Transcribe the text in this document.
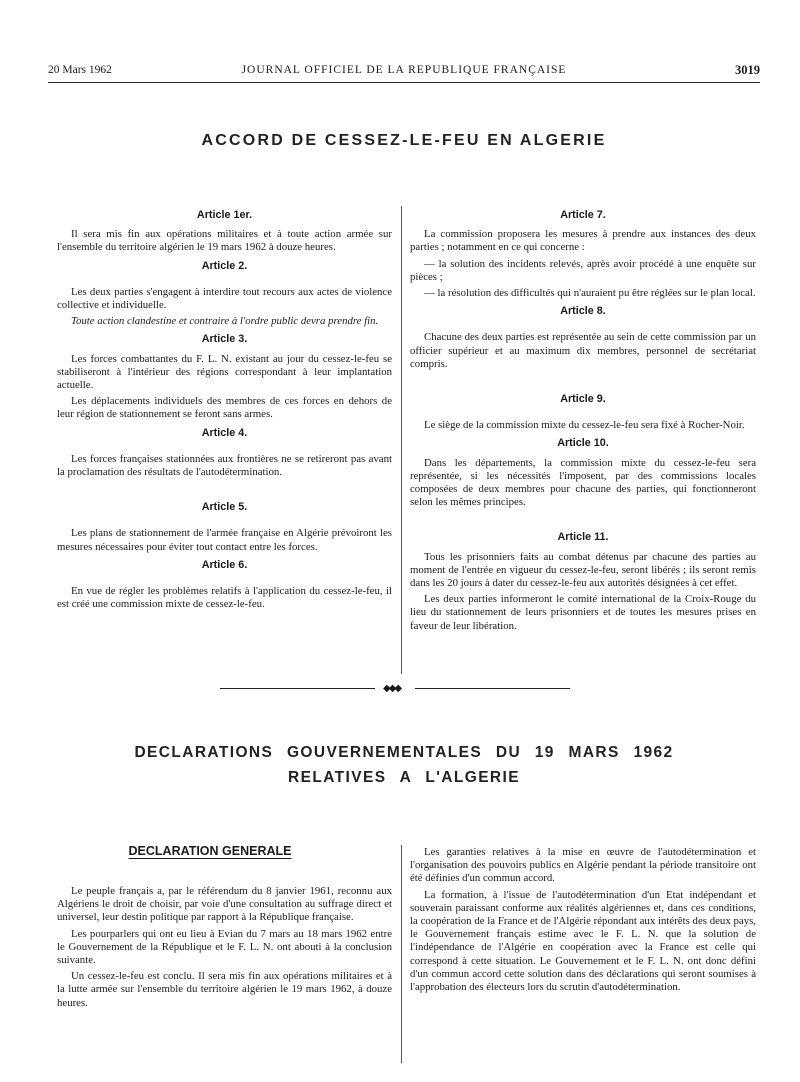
20 Mars 1962	JOURNAL OFFICIEL DE LA REPUBLIQUE FRANÇAISE	3019
ACCORD DE CESSEZ-LE-FEU EN ALGERIE
Article 1er.

Il sera mis fin aux opérations militaires et à toute action armée sur l'ensemble du territoire algérien le 19 mars 1962 à douze heures.

Article 2.

Les deux parties s'engagent à interdire tout recours aux actes de violence collective et individuelle.

Toute action clandestine et contraire à l'ordre public devra prendre fin.

Article 3.

Les forces combattantes du F. L. N. existant au jour du cessez-le-feu se stabiliseront à l'intérieur des régions correspondant à leur implantation actuelle.

Les déplacements individuels des membres de ces forces en dehors de leur région de stationnement se feront sans armes.

Article 4.

Les forces françaises stationnées aux frontières ne se retireront pas avant la proclamation des résultats de l'autodétermination.

Article 5.

Les plans de stationnement de l'armée française en Algérie prévoiront les mesures nécessaires pour éviter tout contact entre les forces.

Article 6.

En vue de régler les problèmes relatifs à l'application du cessez-le-feu, il est créé une commission mixte de cessez-le-feu.

Article 7.

La commission proposera les mesures à prendre aux instances des deux parties ; notamment en ce qui concerne :

— la solution des incidents relevés, après avoir procédé à une enquête sur pièces ;

— la résolution des difficultés qui n'auraient pu être réglées sur le plan local.

Article 8.

Chacune des deux parties est représentée au sein de cette commission par un officier supérieur et au maximum dix membres, personnel de secrétariat compris.

Article 9.

Le siège de la commission mixte du cessez-le-feu sera fixé à Rocher-Noir.

Article 10.

Dans les départements, la commission mixte du cessez-le-feu sera représentée, si les nécessités l'imposent, par des commissions locales composées de deux membres pour chacune des parties, qui fonctionneront selon les mêmes principes.

Article 11.

Tous les prisonniers faits au combat détenus par chacune des parties au moment de l'entrée en vigueur du cessez-le-feu, seront libérés ; ils seront remis dans les 20 jours à dater du cessez-le-feu aux autorités désignées à cet effet.

Les deux parties informeront le comité international de la Croix-Rouge du lieu du stationnement de leurs prisonniers et de toutes les mesures prises en faveur de leur libération.

◆◆◆
DECLARATIONS GOUVERNEMENTALES DU 19 MARS 1962
RELATIVES A L'ALGERIE
DECLARATION GENERALE

Le peuple français a, par le référendum du 8 janvier 1961, reconnu aux Algériens le droit de choisir, par voie d'une consultation au suffrage direct et universel, leur destin politique par rapport à la République française.

Les pourparlers qui ont eu lieu à Evian du 7 mars au 18 mars 1962 entre le Gouvernement de la République et le F. L. N. ont abouti à la conclusion suivante.

Un cessez-le-feu est conclu. Il sera mis fin aux opérations militaires et à la lutte armée sur l'ensemble du territoire algérien le 19 mars 1962, à douze heures.

Les garanties relatives à la mise en œuvre de l'autodétermination et l'organisation des pouvoirs publics en Algérie pendant la période transitoire ont été définies d'un commun accord.

La formation, à l'issue de l'autodétermination d'un Etat indépendant et souverain paraissant conforme aux réalités algériennes et, dans ces conditions, la coopération de la France et de l'Algérie répondant aux intérêts des deux pays, le Gouvernement français estime avec le F. L. N. que la solution de l'indépendance de l'Algérie en coopération avec la France est celle qui correspond à cette situation. Le Gouvernement et le F. L. N. ont donc défini d'un commun accord cette solution dans des déclarations qui seront soumises à l'approbation des électeurs lors du scrutin d'autodétermination.
